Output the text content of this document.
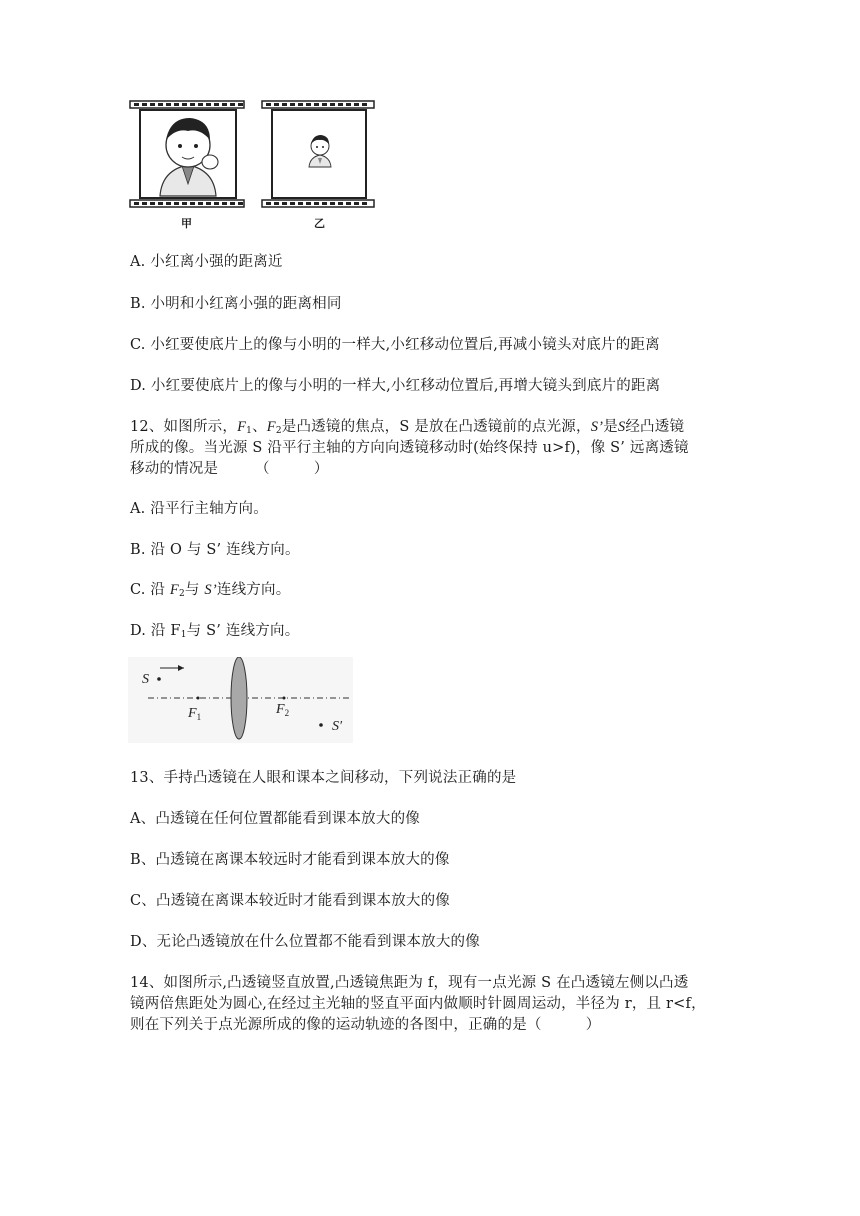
甲	乙
A. 小红离小强的距离近
B. 小明和小红离小强的距离相同
C. 小红要使底片上的像与小明的一样大,小红移动位置后,再减小镜头对底片的距离
D. 小红要使底片上的像与小明的一样大,小红移动位置后,再增大镜头到底片的距离
12、如图所示，$F_1$、$F_2$是凸透镜的焦点，S 是放在凸透镜前的点光源，S’是S经凸透镜
所成的像。当光源 S 沿平行主轴的方向向透镜移动时(始终保持 u>f)，像 S’ 远离透镜
移动的情况是　　　（　　　）
A. 沿平行主轴方向。
B. 沿 O 与 S’ 连线方向。
C. 沿 $F_2$与 S’连线方向。
D. 沿 $F_1$与 S’ 连线方向。
S
$F_1$	$F_2$
S′
13、手持凸透镜在人眼和课本之间移动，下列说法正确的是
A、凸透镜在任何位置都能看到课本放大的像
B、凸透镜在离课本较远时才能看到课本放大的像
C、凸透镜在离课本较近时才能看到课本放大的像
D、无论凸透镜放在什么位置都不能看到课本放大的像
14、如图所示,凸透镜竖直放置,凸透镜焦距为 f，现有一点光源 S 在凸透镜左侧以凸透
镜两倍焦距处为圆心,在经过主光轴的竖直平面内做顺时针圆周运动，半径为 r，且 r<f，
则在下列关于点光源所成的像的运动轨迹的各图中，正确的是（　　　）
